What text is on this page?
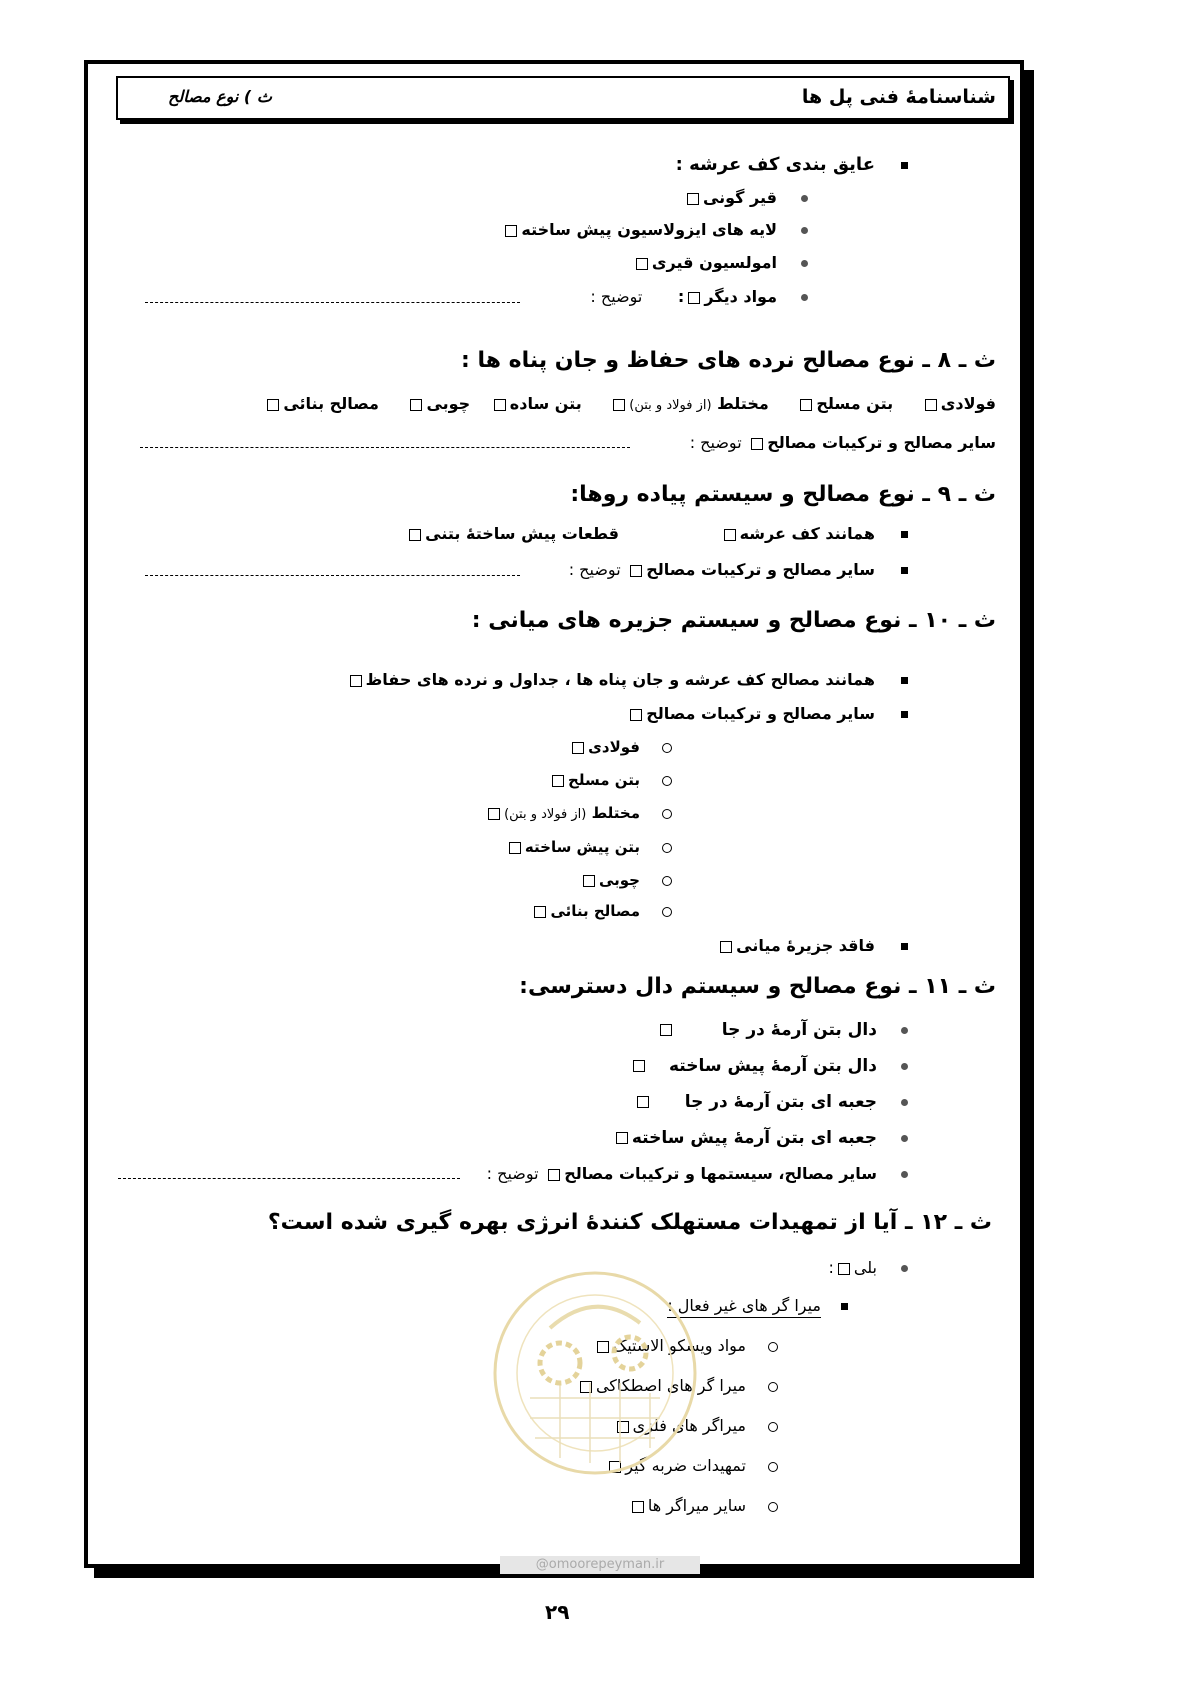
شناسنامۀ فنی پل ها
ث ) نوع مصالح
عایق بندی کف عرشه :
قیر گونی
لایه های ایزولاسیون پیش ساخته
امولسیون قیری
مواد دیگر: توضیح :
ث ـ ۸ ـ نوع مصالح نرده های حفاظ و جان پناه ها :
فولادی بتن مسلح مختلط (از فولاد و بتن) بتن ساده چوبی مصالح بنائی
سایر مصالح و ترکیبات مصالح توضیح :
ث ـ ۹ ـ نوع مصالح و سیستم پیاده روها:
همانند کف عرشه قطعات پیش ساختۀ بتنی
سایر مصالح و ترکیبات مصالح توضیح :
ث ـ ۱۰ ـ نوع مصالح و سیستم جزیره های میانی :
همانند مصالح کف عرشه و جان پناه ها ، جداول و نرده های حفاظ
سایر مصالح و ترکیبات مصالح
فولادی
بتن مسلح
مختلط (از فولاد و بتن)
بتن پیش ساخته
چوبی
مصالح بنائی
فاقد جزیرۀ میانی
ث ـ ۱۱ ـ نوع مصالح و سیستم دال دسترسی:
دال بتن آرمۀ در جا
دال بتن آرمۀ پیش ساخته
جعبه ای بتن آرمۀ در جا
جعبه ای بتن آرمۀ پیش ساخته
سایر مصالح، سیستمها و ترکیبات مصالح توضیح :
ث ـ ۱۲ ـ آیا از تمهیدات مستهلک کنندۀ انرژی بهره گیری شده است؟
بلی:
میرا گر های غیر فعال :
مواد ویسکو الاستیک
میرا گر های اصطکاکی
میراگر های فلزی
تمهیدات ضربه گیر
سایر میراگر ها
@omoorepeyman.ir
۲۹
